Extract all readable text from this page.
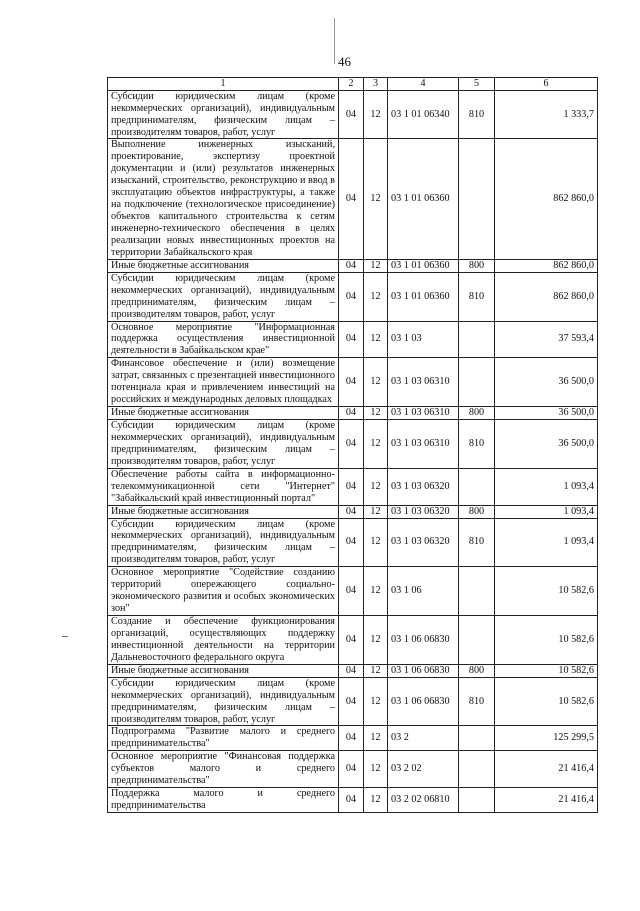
46
1	2	3	4	5	6
Субсидии юридическим лицам (кроме некоммерческих организаций), индивидуальным предпринимателям, физическим лицам – производителям товаров, работ, услуг	04	12	03 1 01 06340	810	1 333,7
Выполнение инженерных изысканий, проектирование, экспертизу проектной документации и (или) результатов инженерных изысканий, строительство, реконструкцию и ввод в эксплуатацию объектов инфраструктуры, а также на подключение (технологическое присоединение) объектов капитального строительства к сетям инженерно-технического обеспечения в целях реализации новых инвестиционных проектов на территории Забайкальского края	04	12	03 1 01 06360		862 860,0
Иные бюджетные ассигнования	04	12	03 1 01 06360	800	862 860,0
Субсидии юридическим лицам (кроме некоммерческих организаций), индивидуальным предпринимателям, физическим лицам – производителям товаров, работ, услуг	04	12	03 1 01 06360	810	862 860,0
Основное мероприятие "Информационная поддержка осуществления инвестиционной деятельности в Забайкальском крае"	04	12	03 1 03		37 593,4
Финансовое обеспечение и (или) возмещение затрат, связанных с презентацией инвестиционного потенциала края и привлечением инвестиций на российских и международных деловых площадках	04	12	03 1 03 06310		36 500,0
Иные бюджетные ассигнования	04	12	03 1 03 06310	800	36 500,0
Субсидии юридическим лицам (кроме некоммерческих организаций), индивидуальным предпринимателям, физическим лицам – производителям товаров, работ, услуг	04	12	03 1 03 06310	810	36 500,0
Обеспечение работы сайта в информационно-телекоммуникационной сети "Интернет" "Забайкальский край инвестиционный портал"	04	12	03 1 03 06320		1 093,4
Иные бюджетные ассигнования	04	12	03 1 03 06320	800	1 093,4
Субсидии юридическим лицам (кроме некоммерческих организаций), индивидуальным предпринимателям, физическим лицам – производителям товаров, работ, услуг	04	12	03 1 03 06320	810	1 093,4
Основное мероприятие "Содействие созданию территорий опережающего социально-экономического развития и особых экономических зон"	04	12	03 1 06		10 582,6
Создание и обеспечение функционирования организаций, осуществляющих поддержку инвестиционной деятельности на территории Дальневосточного федерального округа	04	12	03 1 06 06830		10 582,6
Иные бюджетные ассигнования	04	12	03 1 06 06830	800	10 582,6
Субсидии юридическим лицам (кроме некоммерческих организаций), индивидуальным предпринимателям, физическим лицам – производителям товаров, работ, услуг	04	12	03 1 06 06830	810	10 582,6
Подпрограмма "Развитие малого и среднего предпринимательства"	04	12	03 2		125 299,5
Основное мероприятие "Финансовая поддержка субъектов малого и среднего предпринимательства"	04	12	03 2 02		21 416,4
Поддержка малого и среднего предпринимательства	04	12	03 2 02 06810		21 416,4
